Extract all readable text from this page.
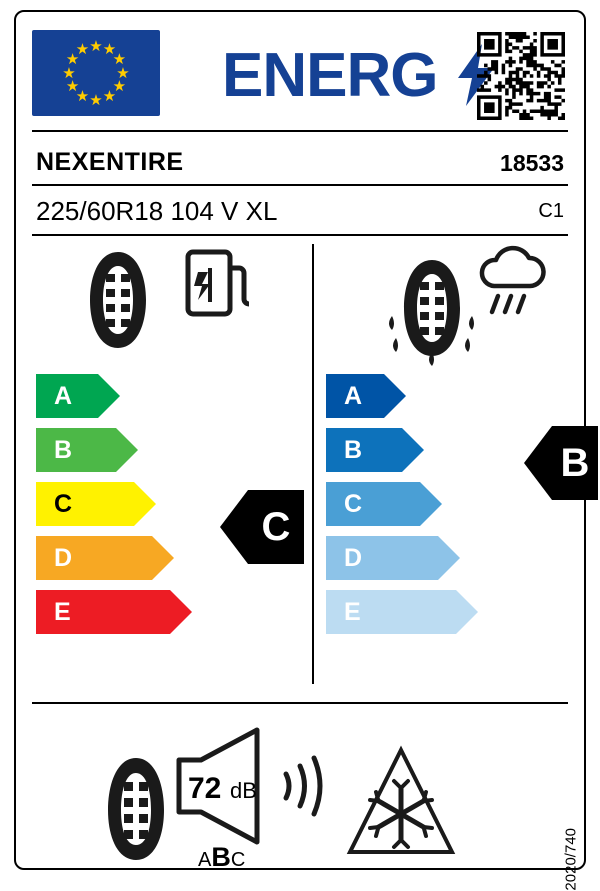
★ ★
★
★
★
★
★
★
★
★
★
★ ENERG
NEXENTIRE	18533
225/60R18 104 V XL	C1
A
B
C
D
E
C
A
B
C
D
E
B
72 dB
ABC	2020/740
